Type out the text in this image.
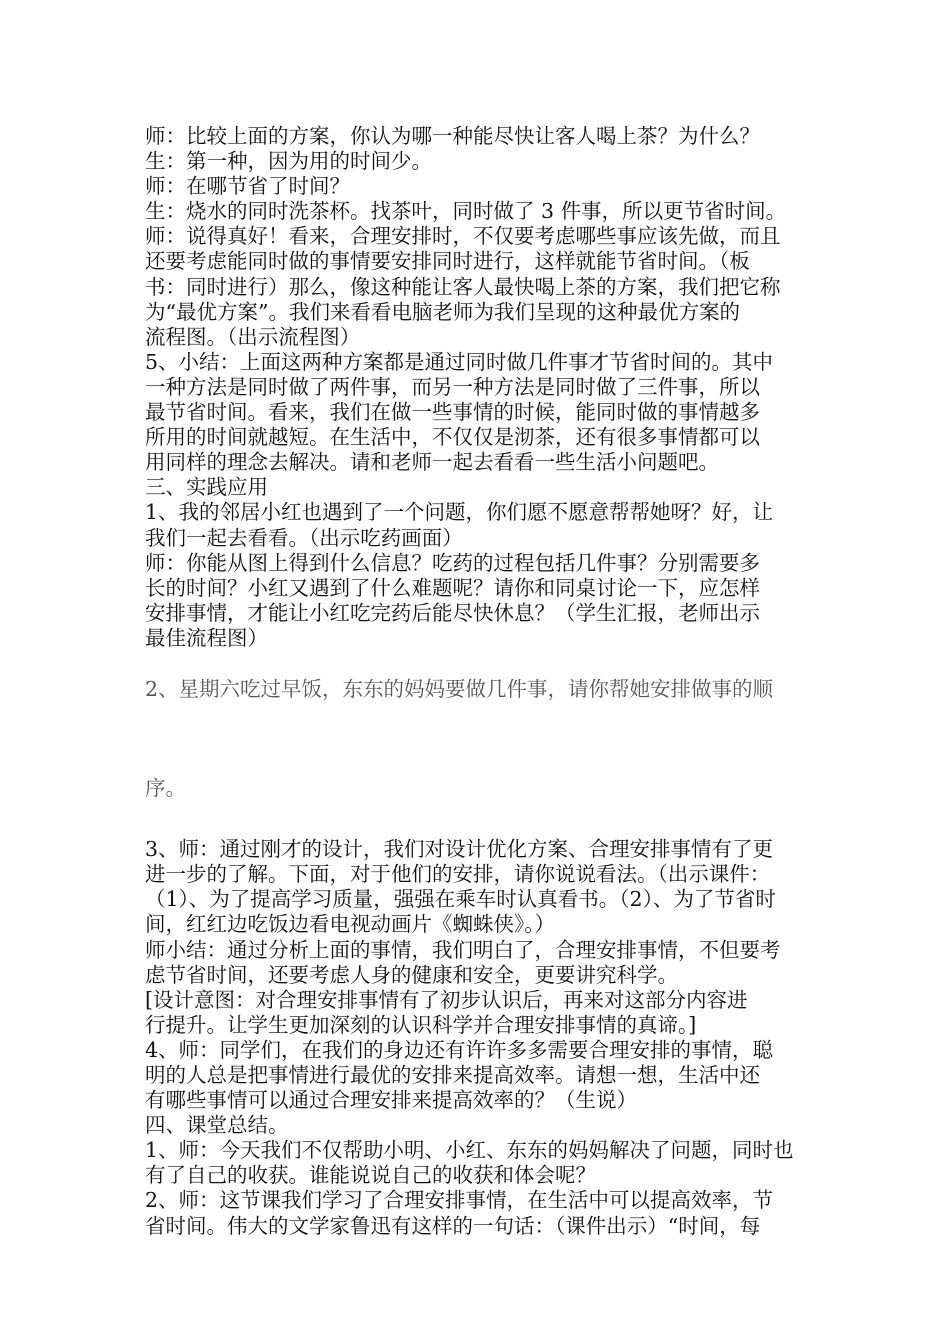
师：比较上面的方案，你认为哪一种能尽快让客人喝上茶？为什么？
生：第一种，因为用的时间少。
师：在哪节省了时间？
生：烧水的同时洗茶杯。找茶叶，同时做了 3 件事，所以更节省时间。
师：说得真好！看来，合理安排时，不仅要考虑哪些事应该先做，而且
还要考虑能同时做的事情要安排同时进行，这样就能节省时间。（板
书：同时进行）那么，像这种能让客人最快喝上茶的方案，我们把它称
为“最优方案”。我们来看看电脑老师为我们呈现的这种最优方案的
流程图。（出示流程图）
5、小结：上面这两种方案都是通过同时做几件事才节省时间的。其中
一种方法是同时做了两件事，而另一种方法是同时做了三件事，所以
最节省时间。看来，我们在做一些事情的时候，能同时做的事情越多
所用的时间就越短。在生活中，不仅仅是沏茶，还有很多事情都可以
用同样的理念去解决。请和老师一起去看看一些生活小问题吧。
三、实践应用
1、我的邻居小红也遇到了一个问题，你们愿不愿意帮帮她呀？好，让
我们一起去看看。（出示吃药画面）
师：你能从图上得到什么信息？吃药的过程包括几件事？分别需要多
长的时间？小红又遇到了什么难题呢？请你和同桌讨论一下，应怎样
安排事情，才能让小红吃完药后能尽快休息？（学生汇报，老师出示
最佳流程图）
2、星期六吃过早饭，东东的妈妈要做几件事，请你帮她安排做事的顺
序。
3、师：通过刚才的设计，我们对设计优化方案、合理安排事情有了更
进一步的了解。下面，对于他们的安排，请你说说看法。（出示课件：
（1）、为了提高学习质量，强强在乘车时认真看书。（2）、为了节省时
间，红红边吃饭边看电视动画片《蜘蛛侠》。）
师小结：通过分析上面的事情，我们明白了，合理安排事情，不但要考
虑节省时间，还要考虑人身的健康和安全，更要讲究科学。
[设计意图：对合理安排事情有了初步认识后，再来对这部分内容进
行提升。让学生更加深刻的认识科学并合理安排事情的真谛。]
4、师：同学们，在我们的身边还有许许多多需要合理安排的事情，聪
明的人总是把事情进行最优的安排来提高效率。请想一想，生活中还
有哪些事情可以通过合理安排来提高效率的？（生说）
四、课堂总结。
1、师：今天我们不仅帮助小明、小红、东东的妈妈解决了问题，同时也
有了自己的收获。谁能说说自己的收获和体会呢？
2、师：这节课我们学习了合理安排事情，在生活中可以提高效率，节
省时间。伟大的文学家鲁迅有这样的一句话：（课件出示）“时间，每
